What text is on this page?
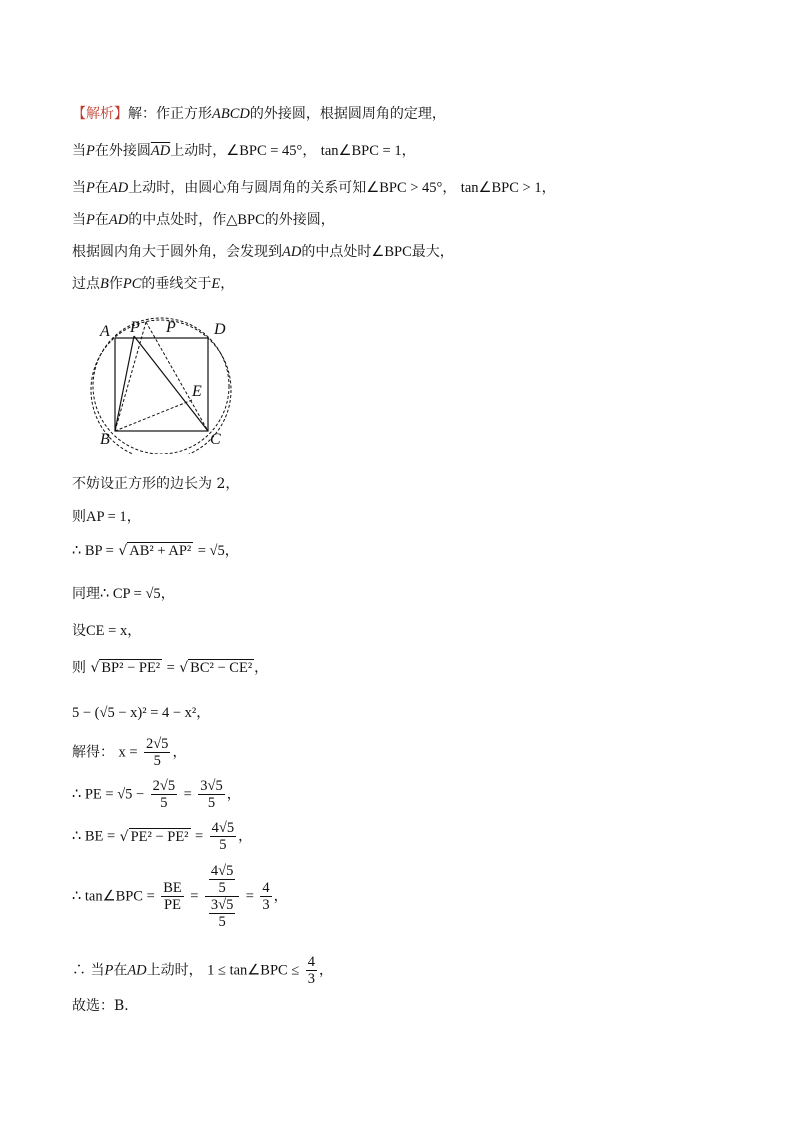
【解析】解：作正方形ABCD的外接圆，根据圆周角的定理，
当P在外接圆$\overline{AD}$上动时，∠BPC = 45°， tan∠BPC = 1，
当P在AD上动时，由圆心角与圆周角的关系可知∠BPC > 45°， tan∠BPC > 1，
当P在AD的中点处时，作△BPC的外接圆，
根据圆内角大于圆外角，会发现到AD的中点处时∠BPC最大，
过点B作PC的垂线交于E，
A P P D
B	C
E
不妨设正方形的边长为 2，
则AP = 1，
∴ BP = √ AB² + AP² = √5，
同理∴ CP = √5，
设CE = x，
则 √ BP² − PE² = √ BC² − CE² ，
5 − (√5 − x)² = 4 − x²，
解得： $x = \frac{2√5}{5}$ ，
∴ PE = $√5 - \frac{2√5}{5} = \frac{3√5}{5}$ ，
∴ BE = √ $PE^2 - PE^2 = \frac{4√5}{5}$ ，
∴ tan∠BPC = $\frac{BE}{PE} = \frac{\frac{4√5}{5}}{\frac{3√5}{5}} = \frac{4}{3}$ ，
∴ 当P在AD上动时， 1 ≤ tan∠BPC ≤ $\frac{4}{3}$ ，
故选：B．
